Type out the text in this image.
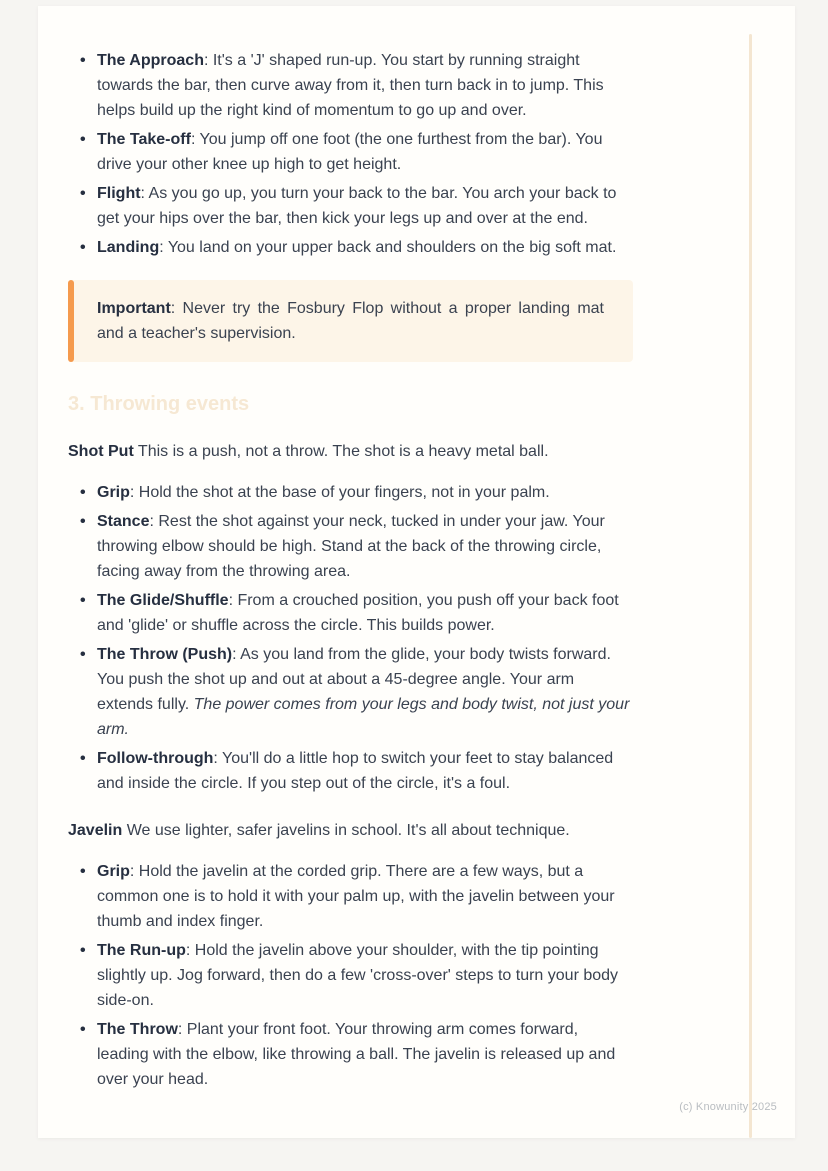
• The Approach: It's a 'J' shaped run-up. You start by running straight towards the bar, then curve away from it, then turn back in to jump. This helps build up the right kind of momentum to go up and over.
• The Take-off: You jump off one foot (the one furthest from the bar). You drive your other knee up high to get height.
• Flight: As you go up, you turn your back to the bar. You arch your back to get your hips over the bar, then kick your legs up and over at the end.
• Landing: You land on your upper back and shoulders on the big soft mat.

Important: Never try the Fosbury Flop without a proper landing mat and a teacher's supervision.

3. Throwing events

Shot Put This is a push, not a throw. The shot is a heavy metal ball.

• Grip: Hold the shot at the base of your fingers, not in your palm.
• Stance: Rest the shot against your neck, tucked in under your jaw. Your throwing elbow should be high. Stand at the back of the throwing circle, facing away from the throwing area.
• The Glide/Shuffle: From a crouched position, you push off your back foot and 'glide' or shuffle across the circle. This builds power.
• The Throw (Push): As you land from the glide, your body twists forward. You push the shot up and out at about a 45-degree angle. Your arm extends fully. The power comes from your legs and body twist, not just your arm.
• Follow-through: You'll do a little hop to switch your feet to stay balanced and inside the circle. If you step out of the circle, it's a foul.

Javelin We use lighter, safer javelins in school. It's all about technique.

• Grip: Hold the javelin at the corded grip. There are a few ways, but a common one is to hold it with your palm up, with the javelin between your thumb and index finger.
• The Run-up: Hold the javelin above your shoulder, with the tip pointing slightly up. Jog forward, then do a few 'cross-over' steps to turn your body side-on.
• The Throw: Plant your front foot. Your throwing arm comes forward, leading with the elbow, like throwing a ball. The javelin is released up and over your head.
(c) Knowunity 2025
